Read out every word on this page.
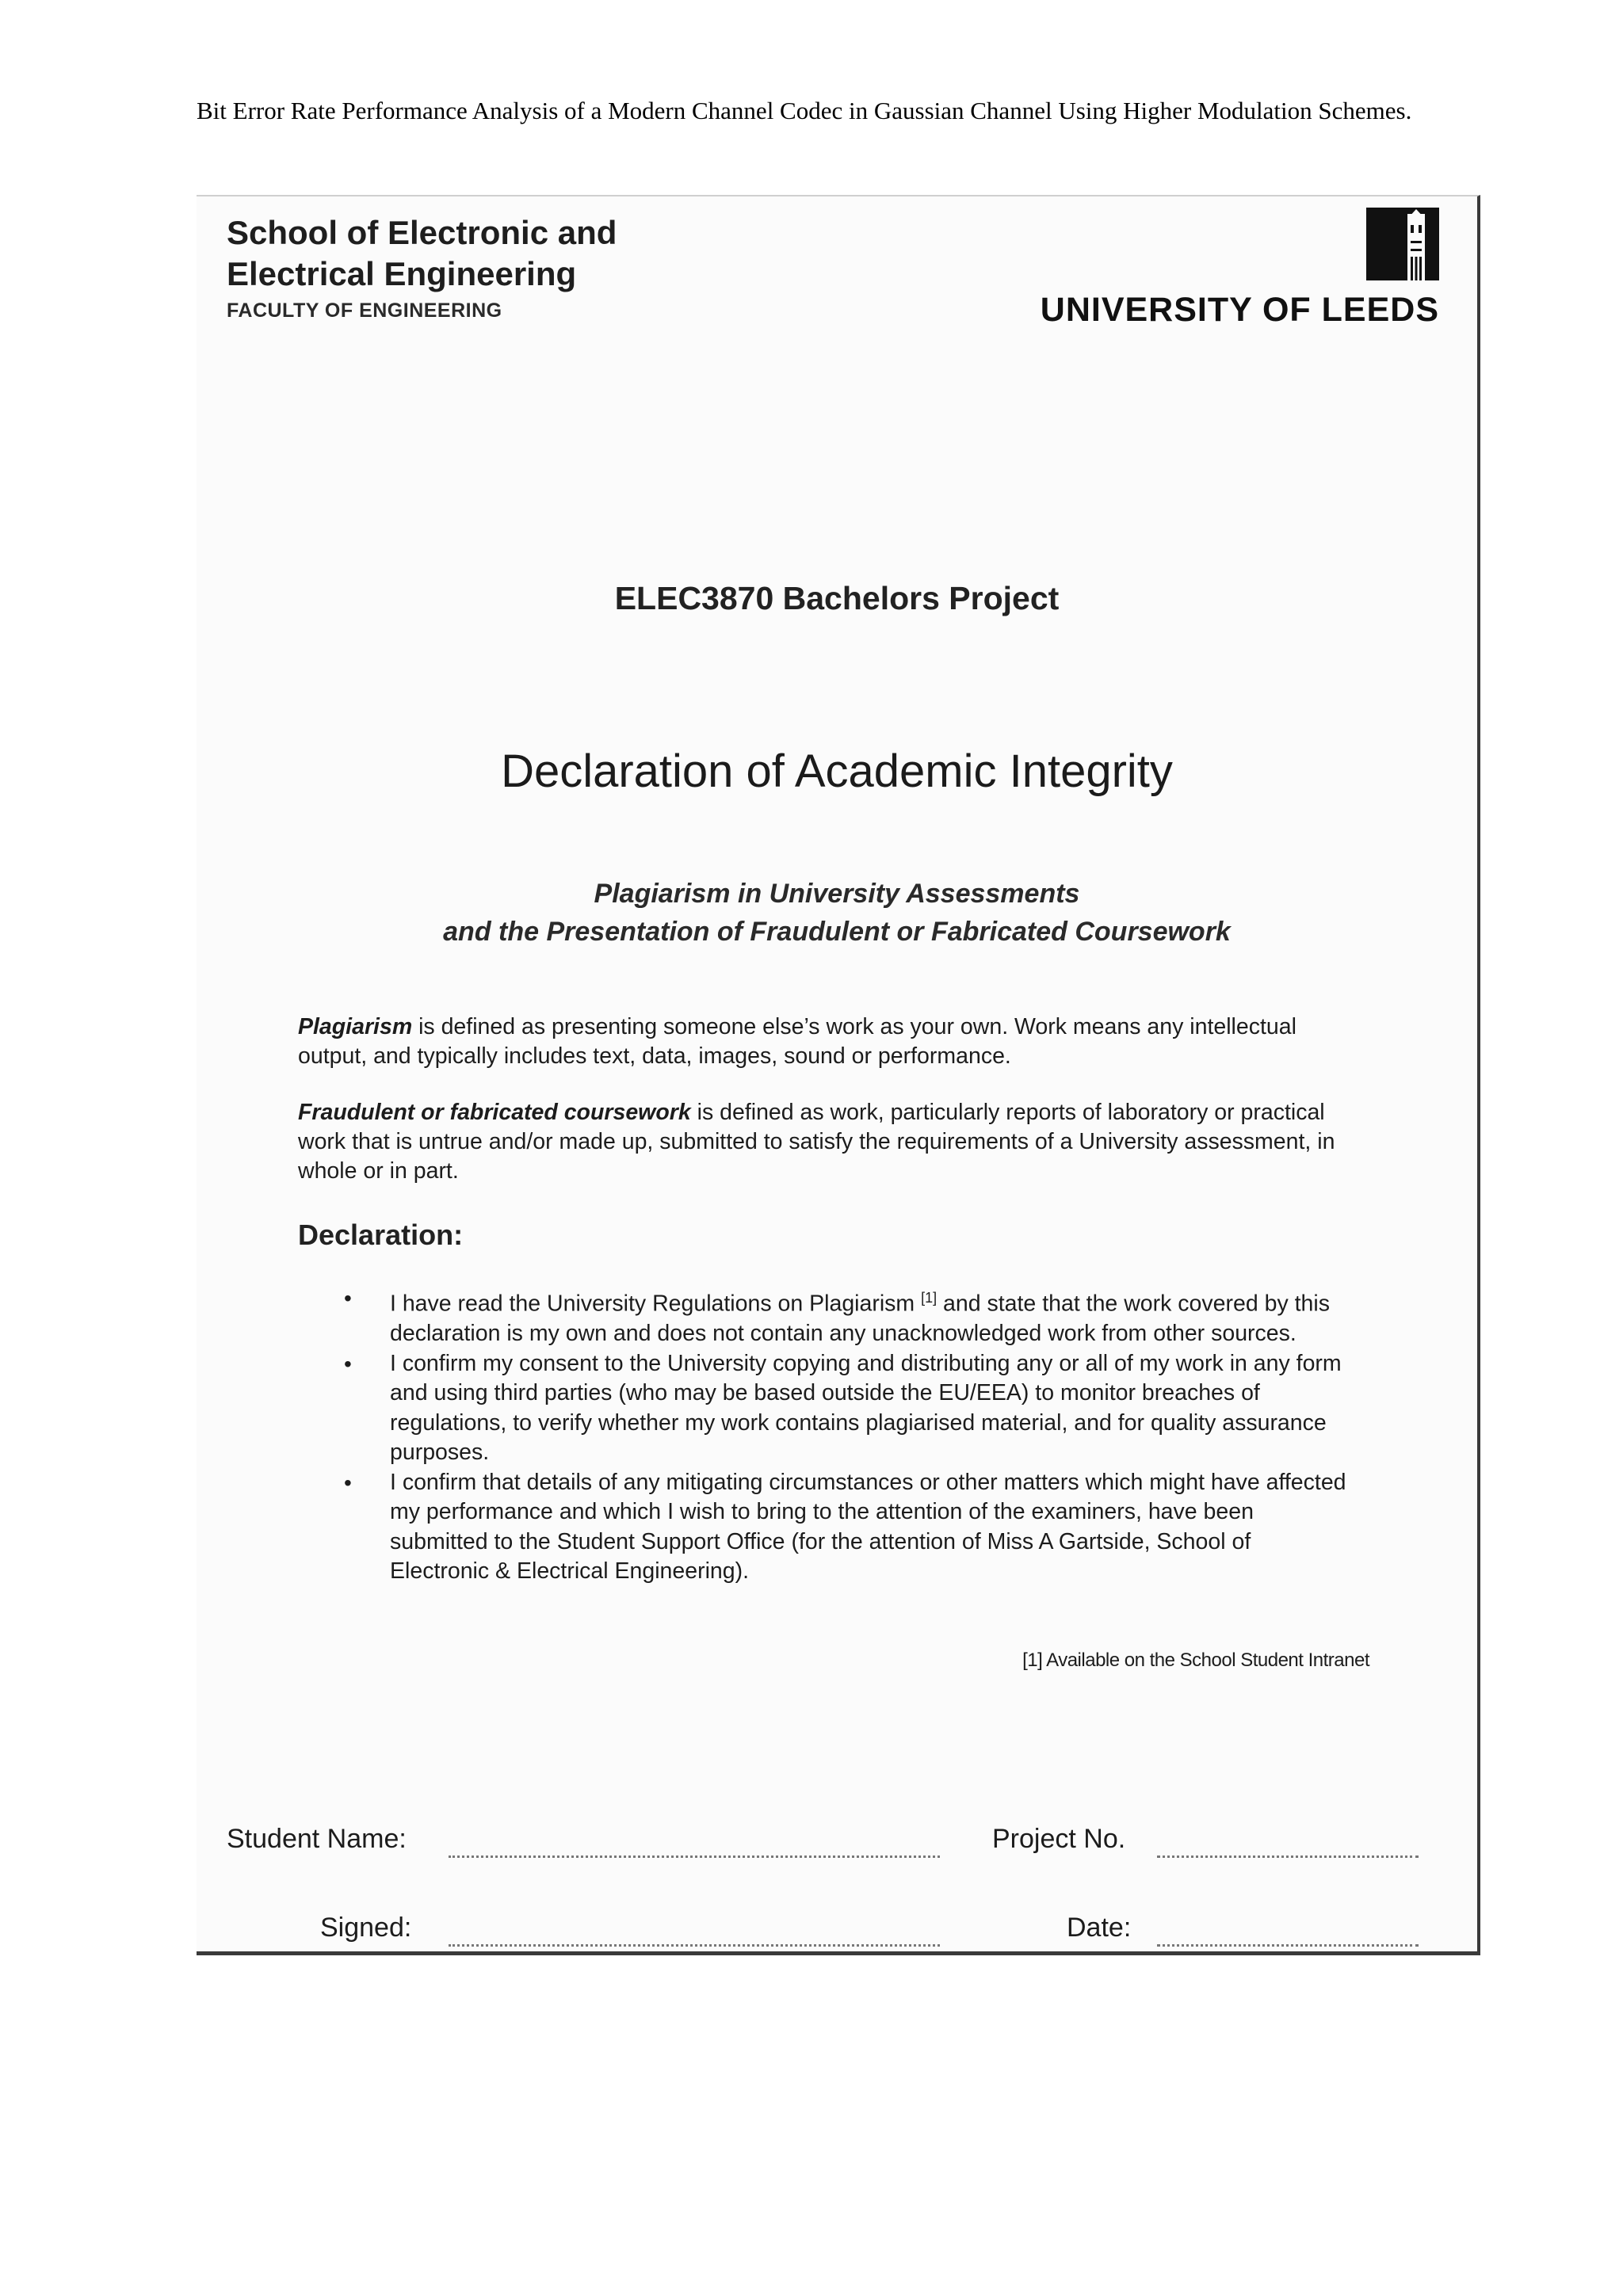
Bit Error Rate Performance Analysis of a Modern Channel Codec in Gaussian Channel Using Higher Modulation Schemes.
School of Electronic and
Electrical Engineering
FACULTY OF ENGINEERING	UNIVERSITY OF LEEDS
ELEC3870 Bachelors Project
Declaration of Academic Integrity
Plagiarism in University Assessments
and the Presentation of Fraudulent or Fabricated Coursework
Plagiarism is defined as presenting someone else’s work as your own. Work means any intellectual output, and typically includes text, data, images, sound or performance.
Fraudulent or fabricated coursework is defined as work, particularly reports of laboratory or practical work that is untrue and/or made up, submitted to satisfy the requirements of a University assessment, in whole or in part.
Declaration:
• I have read the University Regulations on Plagiarism [1] and state that the work covered by this declaration is my own and does not contain any unacknowledged work from other sources.
• I confirm my consent to the University copying and distributing any or all of my work in any form and using third parties (who may be based outside the EU/EEA) to monitor breaches of regulations, to verify whether my work contains plagiarised material, and for quality assurance purposes.
• I confirm that details of any mitigating circumstances or other matters which might have affected my performance and which I wish to bring to the attention of the examiners, have been submitted to the Student Support Office (for the attention of Miss A Gartside, School of Electronic & Electrical Engineering).
[1] Available on the School Student Intranet
Student Name:	Project No.
Signed:	Date:
